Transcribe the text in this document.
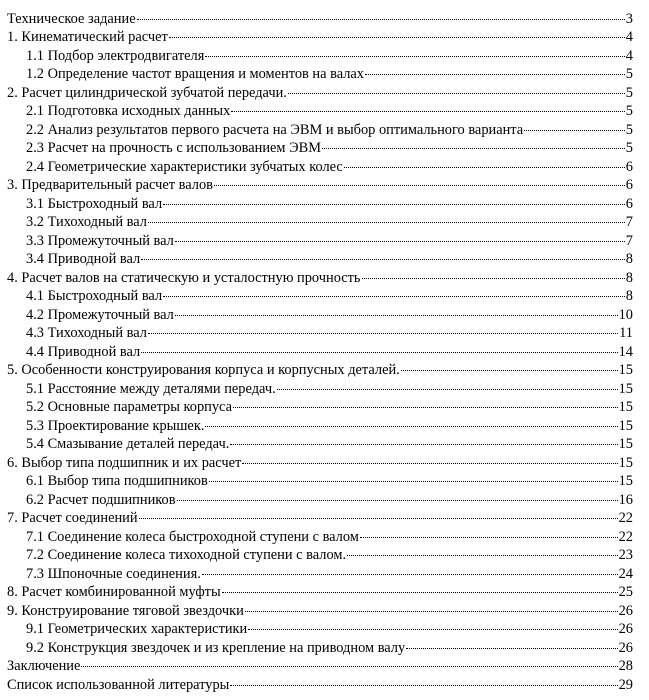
Техническое задание	3
1. Кинематический расчет	4
1.1 Подбор электродвигателя	4
1.2 Определение частот вращения и моментов на валах	5
2. Расчет цилиндрической зубчатой передачи.	5
2.1 Подготовка исходных данных	5
2.2 Анализ результатов первого расчета на ЭВМ и выбор оптимального варианта	5
2.3 Расчет на прочность с использованием ЭВМ	5
2.4 Геометрические характеристики зубчатых колес	6
3. Предварительный расчет валов	6
3.1 Быстроходный вал	6
3.2 Тихоходный вал	7
3.3 Промежуточный вал	7
3.4 Приводной вал	8
4. Расчет валов на статическую и усталостную прочность	8
4.1 Быстроходный вал	8
4.2 Промежуточный вал	10
4.3 Тихоходный вал	11
4.4 Приводной вал	14
5. Особенности конструирования корпуса и корпусных деталей.	15
5.1 Расстояние между деталями передач.	15
5.2 Основные параметры корпуса	15
5.3 Проектирование крышек.	15
5.4 Смазывание деталей передач.	15
6. Выбор типа подшипник и их расчет	15
6.1 Выбор типа подшипников	15
6.2 Расчет подшипников	16
7. Расчет соединений	22
7.1 Соединение колеса быстроходной ступени с валом	22
7.2 Соединение колеса тихоходной ступени с валом.	23
7.3 Шпоночные соединения.	24
8. Расчет комбинированной муфты	25
9. Конструирование тяговой звездочки	26
9.1 Геометрических характеристики	26
9.2 Конструкция звездочек и из крепление на приводном валу	26
Заключение	28
Список использованной литературы	29
